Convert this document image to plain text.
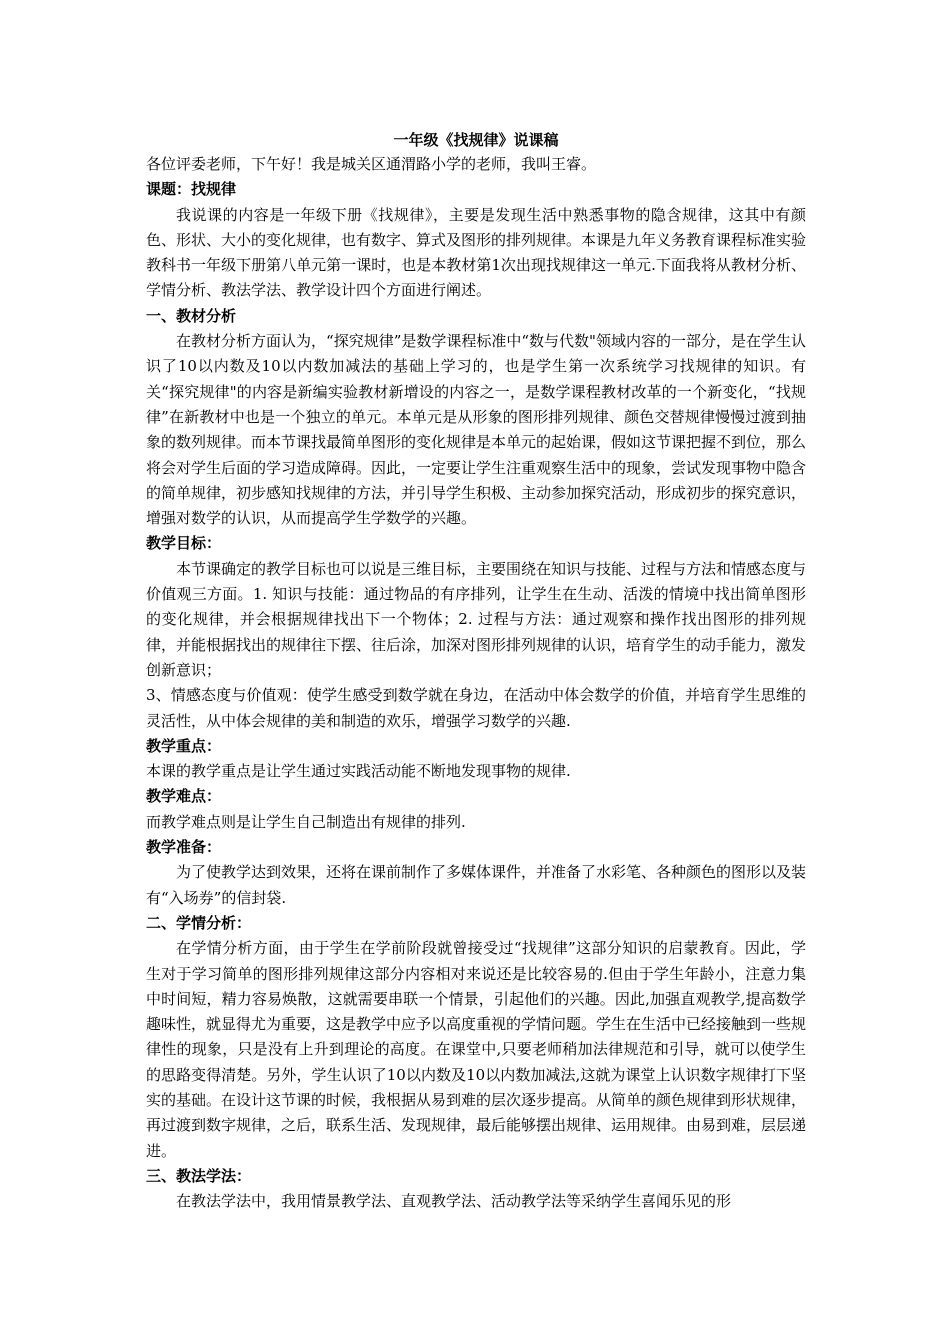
一年级《找规律》说课稿

各位评委老师，下午好！我是城关区通渭路小学的老师，我叫王睿。

课题：找规律

我说课的内容是一年级下册《找规律》，主要是发现生活中熟悉事物的隐含规律，这其中有颜色、形状、大小的变化规律，也有数字、算式及图形的排列规律。本课是九年义务教育课程标准实验教科书一年级下册第八单元第一课时，也是本教材第1次出现找规律这一单元.下面我将从教材分析、学情分析、教法学法、教学设计四个方面进行阐述。

一、教材分析

在教材分析方面认为，“探究规律”是数学课程标准中“数与代数"领域内容的一部分，是在学生认识了10以内数及10以内数加减法的基础上学习的，也是学生第一次系统学习找规律的知识。有关“探究规律"的内容是新编实验教材新增设的内容之一，是数学课程教材改革的一个新变化，“找规律”在新教材中也是一个独立的单元。本单元是从形象的图形排列规律、颜色交替规律慢慢过渡到抽象的数列规律。而本节课找最简单图形的变化规律是本单元的起始课，假如这节课把握不到位，那么将会对学生后面的学习造成障碍。因此，一定要让学生注重观察生活中的现象，尝试发现事物中隐含的简单规律，初步感知找规律的方法，并引导学生积极、主动参加探究活动，形成初步的探究意识，增强对数学的认识，从而提高学生学数学的兴趣。

教学目标：

本节课确定的教学目标也可以说是三维目标，主要围绕在知识与技能、过程与方法和情感态度与价值观三方面。1. 知识与技能：通过物品的有序排列，让学生在生动、活泼的情境中找出简单图形的变化规律，并会根据规律找出下一个物体；2. 过程与方法：通过观察和操作找出图形的排列规律，并能根据找出的规律往下摆、往后涂，加深对图形排列规律的认识，培育学生的动手能力，激发创新意识；

3、情感态度与价值观：使学生感受到数学就在身边，在活动中体会数学的价值，并培育学生思维的灵活性，从中体会规律的美和制造的欢乐，增强学习数学的兴趣.

教学重点：

本课的教学重点是让学生通过实践活动能不断地发现事物的规律.

教学难点：

而教学难点则是让学生自己制造出有规律的排列.

教学准备：

为了使教学达到效果，还将在课前制作了多媒体课件，并准备了水彩笔、各种颜色的图形以及装有“入场券”的信封袋.

二、学情分析：

在学情分析方面，由于学生在学前阶段就曾接受过“找规律”这部分知识的启蒙教育。因此，学生对于学习简单的图形排列规律这部分内容相对来说还是比较容易的.但由于学生年龄小，注意力集中时间短，精力容易焕散，这就需要串联一个情景，引起他们的兴趣。因此,加强直观教学,提高数学趣味性，就显得尤为重要，这是教学中应予以高度重视的学情问题。学生在生活中已经接触到一些规律性的现象，只是没有上升到理论的高度。在课堂中,只要老师稍加法律规范和引导，就可以使学生的思路变得清楚。另外，学生认识了10以内数及10以内数加减法,这就为课堂上认识数字规律打下坚实的基础。在设计这节课的时候，我根据从易到难的层次逐步提高。从简单的颜色规律到形状规律，再过渡到数字规律，之后，联系生活、发现规律，最后能够摆出规律、运用规律。由易到难，层层递进。

三、教法学法：

在教法学法中，我用情景教学法、直观教学法、活动教学法等采纳学生喜闻乐见的形
